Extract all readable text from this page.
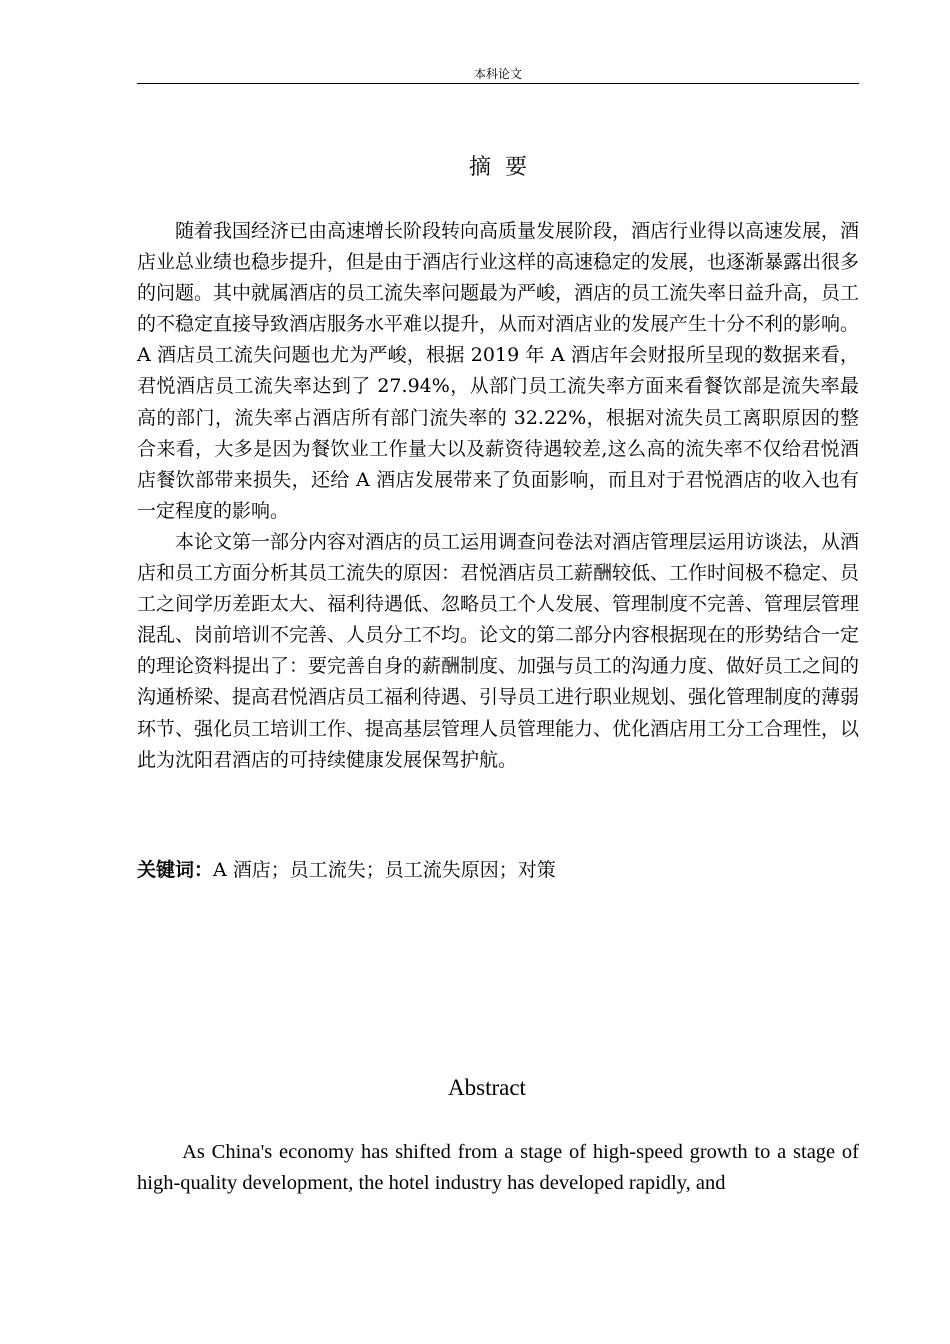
本科论文
摘要

随着我国经济已由高速增长阶段转向高质量发展阶段，酒店行业得以高速发展，酒店业总业绩也稳步提升，但是由于酒店行业这样的高速稳定的发展，也逐渐暴露出很多的问题。其中就属酒店的员工流失率问题最为严峻，酒店的员工流失率日益升高，员工的不稳定直接导致酒店服务水平难以提升，从而对酒店业的发展产生十分不利的影响。A 酒店员工流失问题也尤为严峻，根据 2019 年 A 酒店年会财报所呈现的数据来看，君悦酒店员工流失率达到了 27.94%，从部门员工流失率方面来看餐饮部是流失率最高的部门，流失率占酒店所有部门流失率的 32.22%，根据对流失员工离职原因的整合来看，大多是因为餐饮业工作量大以及薪资待遇较差,这么高的流失率不仅给君悦酒店餐饮部带来损失，还给 A 酒店发展带来了负面影响，而且对于君悦酒店的收入也有一定程度的影响。

本论文第一部分内容对酒店的员工运用调查问卷法对酒店管理层运用访谈法，从酒店和员工方面分析其员工流失的原因：君悦酒店员工薪酬较低、工作时间极不稳定、员工之间学历差距太大、福利待遇低、忽略员工个人发展、管理制度不完善、管理层管理混乱、岗前培训不完善、人员分工不均。论文的第二部分内容根据现在的形势结合一定的理论资料提出了：要完善自身的薪酬制度、加强与员工的沟通力度、做好员工之间的沟通桥梁、提高君悦酒店员工福利待遇、引导员工进行职业规划、强化管理制度的薄弱环节、强化员工培训工作、提高基层管理人员管理能力、优化酒店用工分工合理性，以此为沈阳君酒店的可持续健康发展保驾护航。

关键词：A 酒店；员工流失；员工流失原因；对策
Abstract

As China's economy has shifted from a stage of high-speed growth to a stage of high-quality development, the hotel industry has developed rapidly, and
